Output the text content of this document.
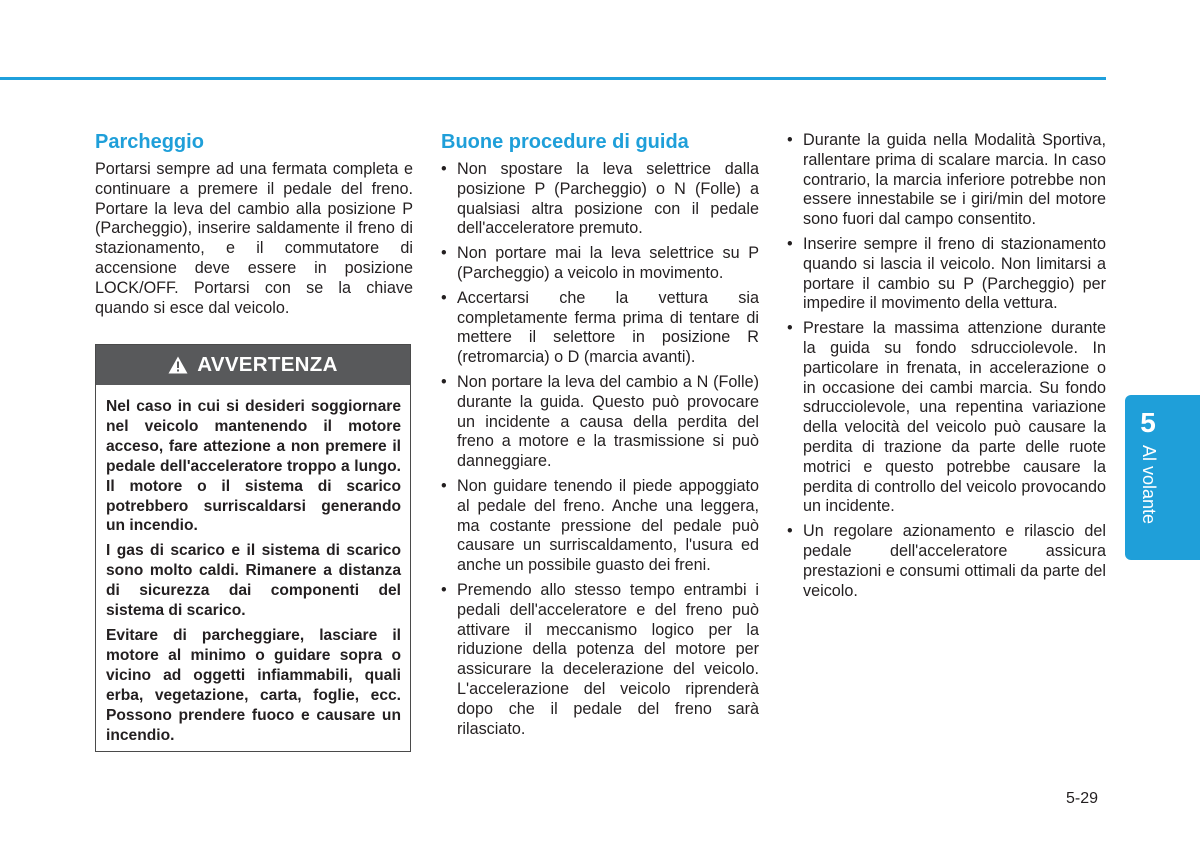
Parcheggio

Portarsi sempre ad una fermata completa e continuare a premere il pedale del freno. Portare la leva del cambio alla posizione P (Parcheggio), inserire saldamente il freno di stazionamento, e il commutatore di accensione deve essere in posizione LOCK/OFF. Portarsi con se la chiave quando si esce dal veicolo.

AVVERTENZA

Nel caso in cui si desideri soggiornare nel veicolo mantenendo il motore acceso, fare attezione a non premere il pedale dell'acceleratore troppo a lungo. Il motore o il sistema di scarico potrebbero surriscaldarsi generando un incendio.

I gas di scarico e il sistema di scarico sono molto caldi. Rimanere a distanza di sicurezza dai componenti del sistema di scarico.

Evitare di parcheggiare, lasciare il motore al minimo o guidare sopra o vicino ad oggetti infiammabili, quali erba, vegetazione, carta, foglie, ecc. Possono prendere fuoco e causare un incendio.

Buone procedure di guida
• Non spostare la leva selettrice dalla posizione P (Parcheggio) o N (Folle) a qualsiasi altra posizione con il pedale dell'acceleratore premuto.
• Non portare mai la leva selettrice su P (Parcheggio) a veicolo in movimento.
• Accertarsi che la vettura sia completamente ferma prima di tentare di mettere il selettore in posizione R (retromarcia) o D (marcia avanti).
• Non portare la leva del cambio a N (Folle) durante la guida. Questo può provocare un incidente a causa della perdita del freno a motore e la trasmissione si può danneggiare.
• Non guidare tenendo il piede appoggiato al pedale del freno. Anche una leggera, ma costante pressione del pedale può causare un surriscaldamento, l'usura ed anche un possibile guasto dei freni.
• Premendo allo stesso tempo entrambi i pedali dell'acceleratore e del freno può attivare il meccanismo logico per la riduzione della potenza del motore per assicurare la decelerazione del veicolo. L'accelerazione del veicolo riprenderà dopo che il pedale del freno sarà rilasciato.
• Durante la guida nella Modalità Sportiva, rallentare prima di scalare marcia. In caso contrario, la marcia inferiore potrebbe non essere innestabile se i giri/min del motore sono fuori dal campo consentito.
• Inserire sempre il freno di stazionamento quando si lascia il veicolo. Non limitarsi a portare il cambio su P (Parcheggio) per impedire il movimento della vettura.
• Prestare la massima attenzione durante la guida su fondo sdrucciolevole. In particolare in frenata, in accelerazione o in occasione dei cambi marcia. Su fondo sdrucciolevole, una repentina variazione della velocità del veicolo può causare la perdita di trazione da parte delle ruote motrici e questo potrebbe causare la perdita di controllo del veicolo provocando un incidente.
• Un regolare azionamento e rilascio del pedale dell'acceleratore assicura prestazioni e consumi ottimali da parte del veicolo.
5
Al volante
5-29
